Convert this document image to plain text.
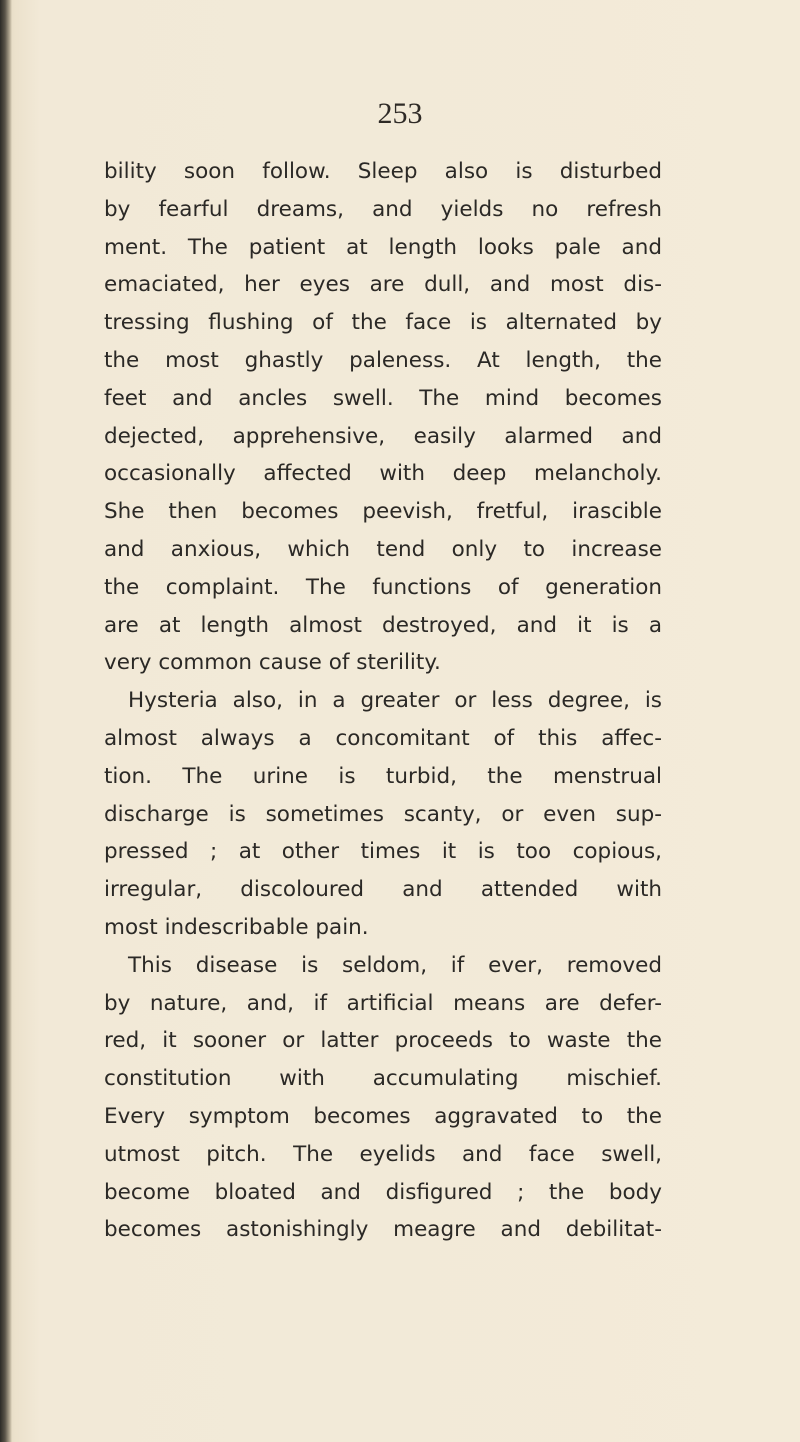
253
bility soon follow. Sleep also is disturbed
by fearful dreams, and yields no refresh
ment. The patient at length looks pale and
emaciated, her eyes are dull, and most dis-
tressing flushing of the face is alternated by
the most ghastly paleness. At length, the
feet and ancles swell. The mind becomes
dejected, apprehensive, easily alarmed and
occasionally affected with deep melancholy.
She then becomes peevish, fretful, irascible
and anxious, which tend only to increase
the complaint. The functions of generation
are at length almost destroyed, and it is a
very common cause of sterility.
Hysteria also, in a greater or less degree, is
almost always a concomitant of this affec-
tion. The urine is turbid, the menstrual
discharge is sometimes scanty, or even sup-
pressed ; at other times it is too copious,
irregular, discoloured and attended with
most indescribable pain.
This disease is seldom, if ever, removed
by nature, and, if artificial means are defer-
red, it sooner or latter proceeds to waste the
constitution with accumulating mischief.
Every symptom becomes aggravated to the
utmost pitch. The eyelids and face swell,
become bloated and disfigured ; the body
becomes astonishingly meagre and debilitat-
